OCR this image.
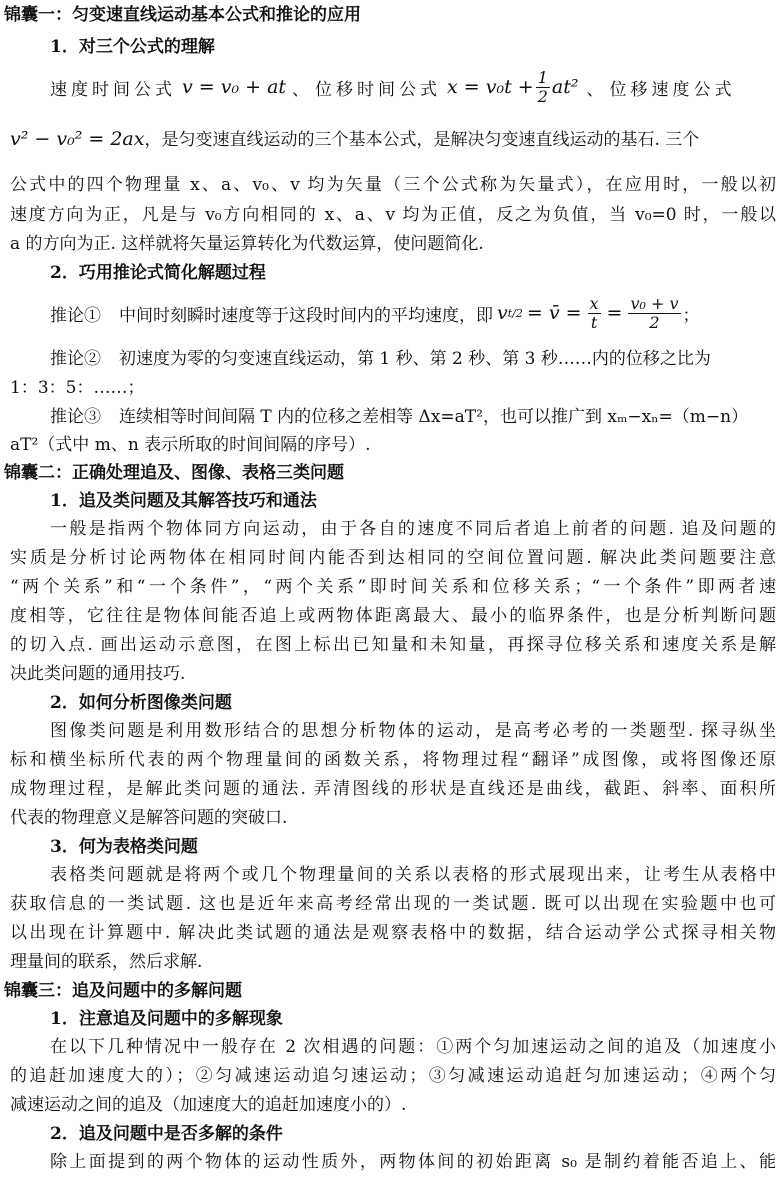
锦囊一：匀变速直线运动基本公式和推论的应用
1．对三个公式的理解
速度时间公式 v = v₀ + at 、 位移时间公式 $x = v_0t + \frac{1}{2} at^2$ 、 位移速度公式
v² − v₀² = 2ax，是匀变速直线运动的三个基本公式，是解决匀变速直线运动的基石. 三个
公式中的四个物理量 x、a、v₀、v 均为矢量（三个公式称为矢量式），在应用时，一般以初
速度方向为正，凡是与 v₀方向相同的 x、a、v 均为正值，反之为负值，当 v₀=0 时，一般以
a 的方向为正. 这样就将矢量运算转化为代数运算，使问题简化.
2．巧用推论式简化解题过程
推论① 中间时刻瞬时速度等于这段时间内的平均速度，即 v t/2 = v̄ = $\frac{x}{t} = \frac{\text{v₀ + v}}{2}$ ；
推论② 初速度为零的匀变速直线运动，第 1 秒、第 2 秒、第 3 秒……内的位移之比为
1：3：5：……；
推论③ 连续相等时间间隔 T 内的位移之差相等 Δx=aT²，也可以推广到 xₘ−xₙ=（m−n）
aT²（式中 m、n 表示所取的时间间隔的序号）.
锦囊二：正确处理追及、图像、表格三类问题
1．追及类问题及其解答技巧和通法
一般是指两个物体同方向运动，由于各自的速度不同后者追上前者的问题. 追及问题的
实质是分析讨论两物体在相同时间内能否到达相同的空间位置问题. 解决此类问题要注意
“两个关系”和“一个条件”，“两个关系”即时间关系和位移关系；“一个条件”即两者速
度相等，它往往是物体间能否追上或两物体距离最大、最小的临界条件，也是分析判断问题
的切入点. 画出运动示意图，在图上标出已知量和未知量，再探寻位移关系和速度关系是解
决此类问题的通用技巧.
2．如何分析图像类问题
图像类问题是利用数形结合的思想分析物体的运动，是高考必考的一类题型. 探寻纵坐
标和横坐标所代表的两个物理量间的函数关系，将物理过程“翻译”成图像，或将图像还原
成物理过程，是解此类问题的通法. 弄清图线的形状是直线还是曲线，截距、斜率、面积所
代表的物理意义是解答问题的突破口.
3．何为表格类问题
表格类问题就是将两个或几个物理量间的关系以表格的形式展现出来，让考生从表格中
获取信息的一类试题. 这也是近年来高考经常出现的一类试题. 既可以出现在实验题中也可
以出现在计算题中. 解决此类试题的通法是观察表格中的数据，结合运动学公式探寻相关物
理量间的联系，然后求解.
锦囊三：追及问题中的多解问题
1．注意追及问题中的多解现象
在以下几种情况中一般存在 2 次相遇的问题：①两个匀加速运动之间的追及（加速度小
的追赶加速度大的）；②匀减速运动追匀速运动；③匀减速运动追赶匀加速运动；④两个匀
减速运动之间的追及（加速度大的追赶加速度小的）.
2．追及问题中是否多解的条件
除上面提到的两个物体的运动性质外，两物体间的初始距离 s₀ 是制约着能否追上、能
